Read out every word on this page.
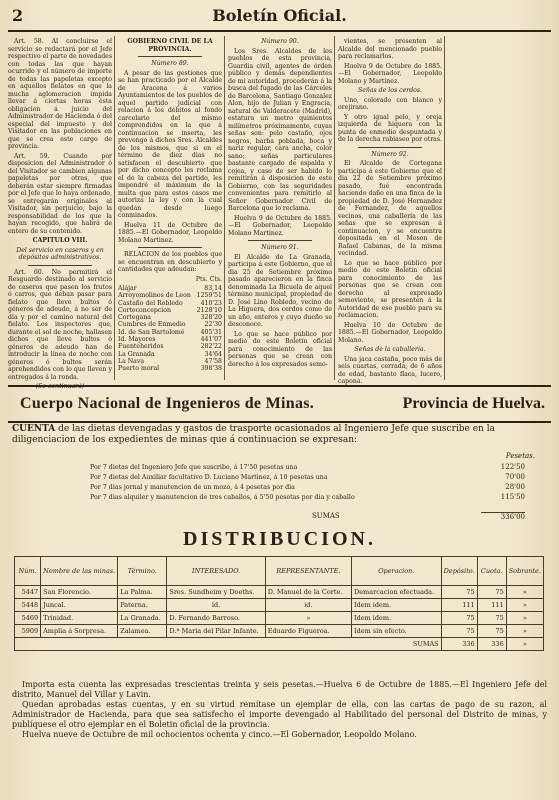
2	Boletín Oficial.

Art. 58. Al concluirse el servicio se redactará por el Jefe respectivo el parte de novedades con todas las que hayan ocurrido y el número de importe de todas las papeletas excepto en aquellos fielatos en que la mucha aglomeracion impida llevar á ciertas horas ésta obligacion á juicio del Administrador de Hacienda ó del especial del impuesto y del Visitador en las poblaciones en que se crea este cargo de provincia.

Art. 59. Cuando por disposicion del Administrador ó del Visitador se cambien algunas papeletas por otras, que deberán estar siempre firmadas por el Jefe que lo haya ordenado, se entregarán originales al Visitador, sin perjuicio, bajo la responsabilidad de los que la hayan recogido, que habrá de entero de su contenido.

CAPITULO VIII.

Del servicio en caseros y en depósitos administrativos.

Art. 60. No permitirá el Resguardo destinado al servicio de caseros que pasen los frutos ó carros, que deban pasar para fielato que lleve bultos ó géneros de adeudo, á no ser de dia y por el camino natural del fielato. Los inspectores que, durante el sol de noche, hallasen dichos que lleve bultos ó géneros de adeudo han de introducir la línea de noche con géneros ó bultos serán aprehendidos con lo que lleven y entregados á la ronda.

(Se continuará)

GOBIERNO CIVIL DE LA PROVINCIA.

Número 89.

A pesar de las gestiones que se han practicado por el Alcalde de Aracena á varios Ayuntamientos de los pueblos de aquel partido judicial con relacion á los débitos al fondo carcelario del mismo comprendidos en la que á continuacion se inserta, les prevengo á dichos Sres. Alcaldes de los mismos, que si en el término de diez dias no satisfacen el descubierto que por dicho concepto les reclama el de la cabeza del partido, les impondré el máximum de la multa que para estos casos me autoriza la ley y con la cual quedan desde luego conminados.

Huelva 11 de Octubre de 1885.—El Gobernador, Leopoldo Molano Martinez.

RELACION de los pueblos que se encuentran en descubierto y cantidades que adeudan:

Pts. Cts.

Alájar	83,14
Arroyomolinos de Leon	1259'51
Castaño del Robledo	410'23
Corteconcepcion	2128'10
Cortegana	328'20
Cumbres de Enmedio	22'30
Id. de San Bartolomé	405'31
Id. Mayores	441'07
Fuenteheridos	282'22
La Granada	34'64
La Nava	47'58
Puerto moral	398'38

Número 90.

Los Sres. Alcaldes de los pueblos de esta provincia, Guardia civil, agentes de órden público y demás dependientes de mi autoridad, procederán á la busca del fugado de las Cárceles de Barcelona, Santiago Gonzalez Alon, hijo de Julian y Engracia, natural de Valderacete (Madrid), estatura un metro quinientos milímetros próximamente, cuyas señas son: pelo castaño, ojos negros, barba poblada, boca y nariz regular, cara ancha, color sano; señas particulares bastante cargado de espalda y cojea, y caso de ser habido lo remitirán á disposicion de este Gobierno, con las seguridades convenientes para remitirlo al Señor Gobernador Civil de Barcelona que lo reclama.

Huelva 9 de Octubre de 1885.—El Gobernador, Leopoldo Molano Martinez.

Número 91.

El Alcalde de La Granada, participa á este Gobierno, que el dia 25 de Setiembre próximo pasado aparecieron en la finca denominada La Bicuela de aquel término municipal, propiedad de D. José Lino Robledo, vecino de La Higuera, dos cerdos como de un año, enteros y cuyo dueño se desconoce.

Lo que se hace público por medio de este Boletin oficial para conocimiento de las personas que se crean con derecho á los expresados semo-

vientes, se presenten al Alcalde del mencionado pueblo para reclamarlos.

Huelva 9 de Octubre de 1885.—El Gobernador, Leopoldo Molano y Martinez.

Señas de los cerdos.

Uno, colorado con blanco y orejirano.

Y otro igual pelo, y oreja izquierda de hiquera con la punta de enmedio despuntada y de la derecha rabiaseo por otras.

Número 92.

El Alcalde de Cortegana participa á este Gobierno que el dia 22 de Setiembre próximo pasado, fué encontrada haciendo daño en una finca de la propiedad de D. José Hernandez de Fernandez, de aquellos vecinos, una caballería de las señas que se expresan á continuacion, y se encuentra depositada en el Meson de Rafael Cabanas, de la misma vecindad.

Lo que se hace público por medio de este Boletin oficial para conocimiento de las personas que se crean con derecho al expresado semoviente, se presenten á la Autoridad de ese pueblo para su reclamacion.

Huelva 10 de Octubre de 1885.—El Gobernador, Leopoldo Molano.

Señas de la caballería.

Una jaca castaña, poco más de seis cuartas, cerrada, de 6 años de edad, bastante flaca, lucero, capona.

Cuerpo Nacional de Ingenieros de Minas.	Provincia de Huelva.
CUENTA de las dietas devengadas y gastos de trasporte ocasionados al Ingeniero Jefe que suscribe en la diligenciacion de los expedientes de minas que á continuacion se expresan:
Pesetas.
Por 7 dietas del Ingeniero Jefe que suscribe, á 17'50 pesetas una	122'50
Por 7 dietas del Auxiliar facultativo D. Luciano Martinez, á 10 pesetas una	70'00
Por 7 dias jornal y manutencion de un mozo, á 4 pesetas por dia	28'00
Por 7 dias alquiler y manutencion de tres caballos, á 5'50 pesetas por dia y caballo	115'50
SUMAS	336'00
DISTRIBUCION.
Núm.	Nombre de las minas.	Término.	INTERESADO.	REPRESENTANTE.	Operacion.	Depósito.	Cuota.	Sobrante.
5447	San Florencio.	La Palma.	Sres. Sundheim y Doeths.	D. Manuel de la Corte.	Demarcacion efectuada.	75	75	»
5448	Juncal.	Paterna.	id.	id.	Idem idem.	111	111	»
5469	Trinidad.	La Granada.	D. Fernando Barroso.	»	Idem idem.	75	75	»
5909	Amplia á Sorpresa.	Zalamea.	D.ª Maria del Pilar Infante.	Eduardo Figueroa.	Idem sin efecto.	75	75	»
SUMAS						336	336	»

Importa esta cuenta las expresadas trescientas treinta y seis pesetas.—Huelva 6 de Octubre de 1885.—El Ingeniero Jefe del distrito, Manuel del Villar y Lavin.

Quedan aprobadas estas cuentas, y en su virtud remítase un ejemplar de ella, con las cartas de pago de su razon, al Administrador de Hacienda, para que sea satisfecho el importe devengado al Habilitado del personal del Distrito de minas, y publíquese el otro ejemplar en el Boletin oficial de la provincia.

Huelva nueve de Octubre de mil ochocientos ochenta y cinco.—El Gobernador, Leopoldo Molano.
